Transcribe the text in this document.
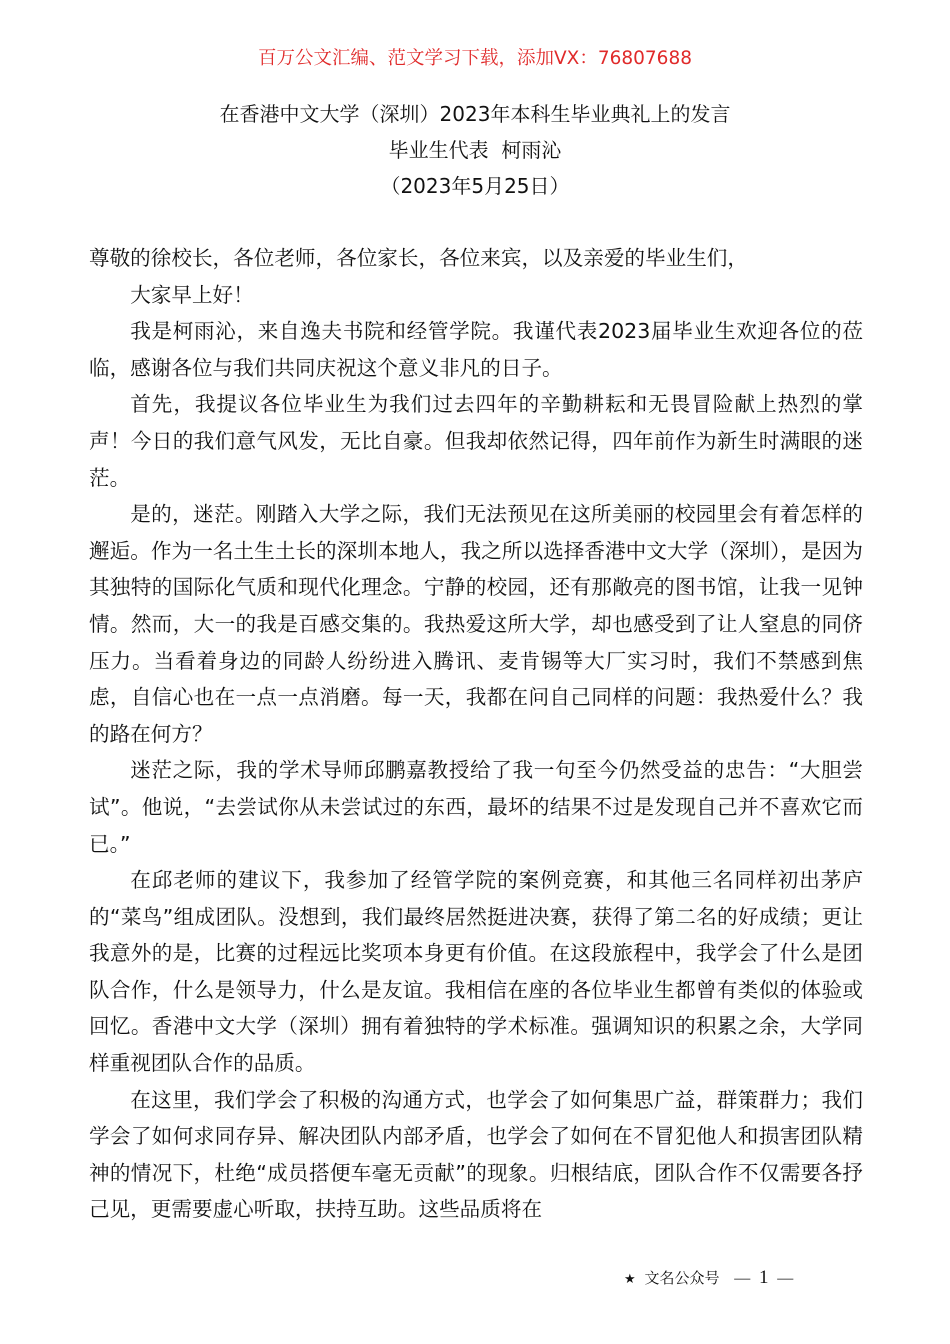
百万公文汇编、范文学习下载，添加VX：76807688
在香港中文大学（深圳）2023年本科生毕业典礼上的发言
毕业生代表  柯雨沁
（2023年5月25日）

尊敬的徐校长，各位老师，各位家长，各位来宾，以及亲爱的毕业生们，

大家早上好！

我是柯雨沁，来自逸夫书院和经管学院。我谨代表2023届毕业生欢迎各位的莅临，感谢各位与我们共同庆祝这个意义非凡的日子。

首先，我提议各位毕业生为我们过去四年的辛勤耕耘和无畏冒险献上热烈的掌声！今日的我们意气风发，无比自豪。但我却依然记得，四年前作为新生时满眼的迷茫。

是的，迷茫。刚踏入大学之际，我们无法预见在这所美丽的校园里会有着怎样的邂逅。作为一名土生土长的深圳本地人，我之所以选择香港中文大学（深圳），是因为其独特的国际化气质和现代化理念。宁静的校园，还有那敞亮的图书馆，让我一见钟情。然而，大一的我是百感交集的。我热爱这所大学，却也感受到了让人窒息的同侪压力。当看着身边的同龄人纷纷进入腾讯、麦肯锡等大厂实习时，我们不禁感到焦虑，自信心也在一点一点消磨。每一天，我都在问自己同样的问题：我热爱什么？我的路在何方？

迷茫之际，我的学术导师邱鹏嘉教授给了我一句至今仍然受益的忠告：“大胆尝试”。他说，“去尝试你从未尝试过的东西，最坏的结果不过是发现自己并不喜欢它而已。”

在邱老师的建议下，我参加了经管学院的案例竞赛，和其他三名同样初出茅庐的“菜鸟”组成团队。没想到，我们最终居然挺进决赛，获得了第二名的好成绩；更让我意外的是，比赛的过程远比奖项本身更有价值。在这段旅程中，我学会了什么是团队合作，什么是领导力，什么是友谊。我相信在座的各位毕业生都曾有类似的体验或回忆。香港中文大学（深圳）拥有着独特的学术标准。强调知识的积累之余，大学同样重视团队合作的品质。

在这里，我们学会了积极的沟通方式，也学会了如何集思广益，群策群力；我们学会了如何求同存异、解决团队内部矛盾，也学会了如何在不冒犯他人和损害团队精神的情况下，杜绝“成员搭便车毫无贡献”的现象。归根结底，团队合作不仅需要各抒己见，更需要虚心听取，扶持互助。这些品质将在

★ 文名公众号 — 1 —
